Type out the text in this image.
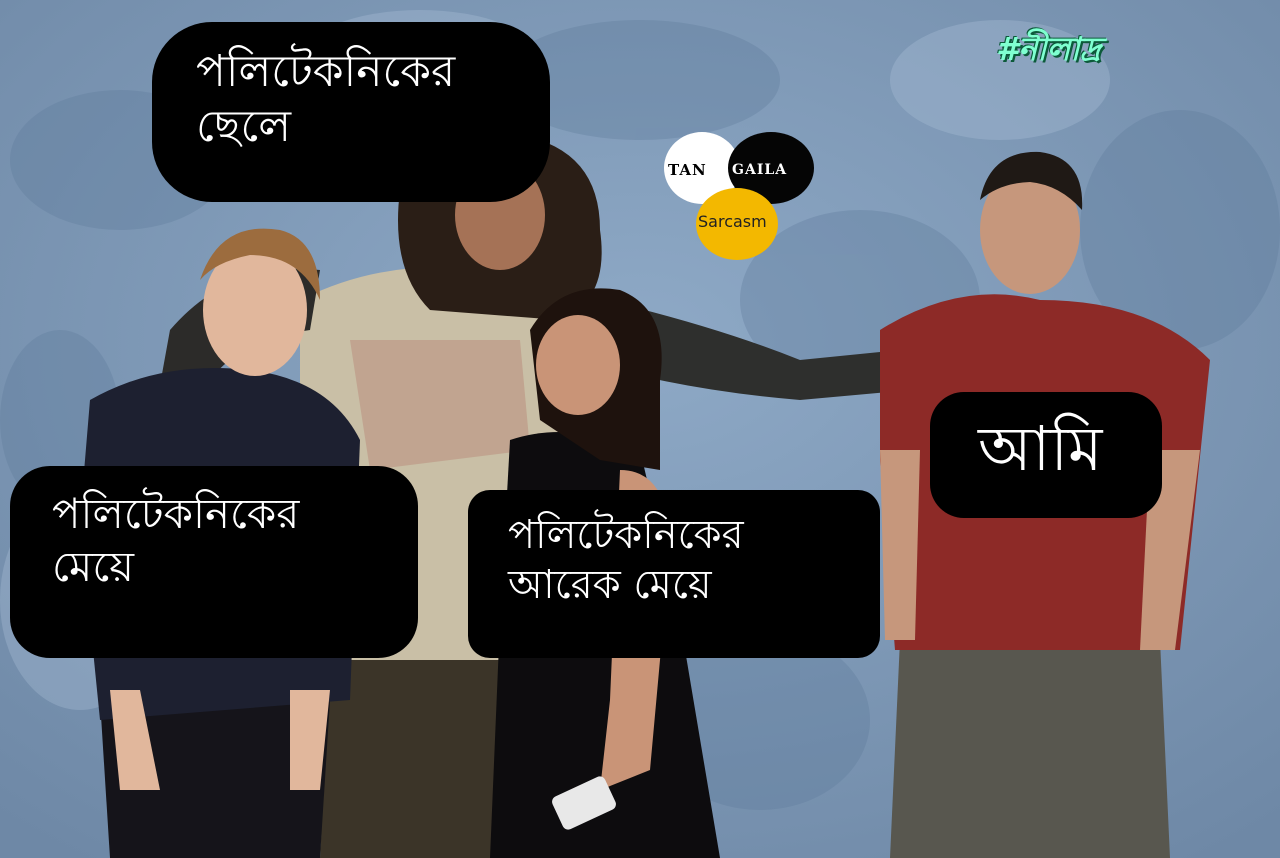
পলিটেকনিকের
ছেলে
পলিটেকনিকের
মেয়ে
পলিটেকনিকের
আরেক মেয়ে
আমি
#নীলাদ্র
TAN GAILA
Sarcasm
